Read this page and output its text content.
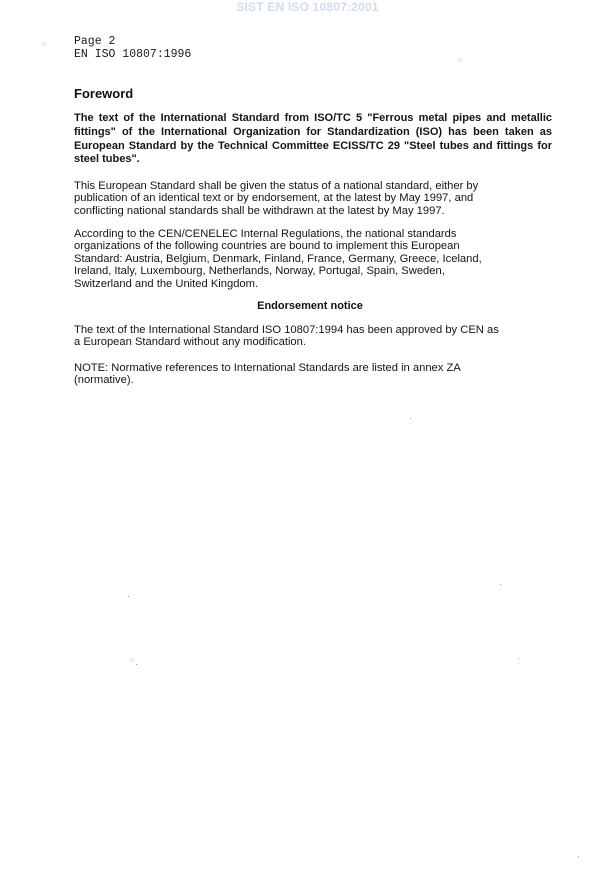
SIST EN ISO 10807:2001
Page 2
EN ISO 10807:1996
Foreword
The text of the International Standard from ISO/TC 5 "Ferrous metal pipes and metallic fittings" of the International Organization for Standardization (ISO) has been taken as European Standard by the Technical Committee ECISS/TC 29 "Steel tubes and fittings for steel tubes".
This European Standard shall be given the status of a national standard, either by
publication of an identical text or by endorsement, at the latest by May 1997, and
conflicting national standards shall be withdrawn at the latest by May 1997.
According to the CEN/CENELEC Internal Regulations, the national standards
organizations of the following countries are bound to implement this European
Standard: Austria, Belgium, Denmark, Finland, France, Germany, Greece, Iceland,
Ireland, Italy, Luxembourg, Netherlands, Norway, Portugal, Spain, Sweden,
Switzerland and the United Kingdom.
Endorsement notice
The text of the International Standard ISO 10807:1994 has been approved by CEN as
a European Standard without any modification.
NOTE: Normative references to International Standards are listed in annex ZA
(normative).
